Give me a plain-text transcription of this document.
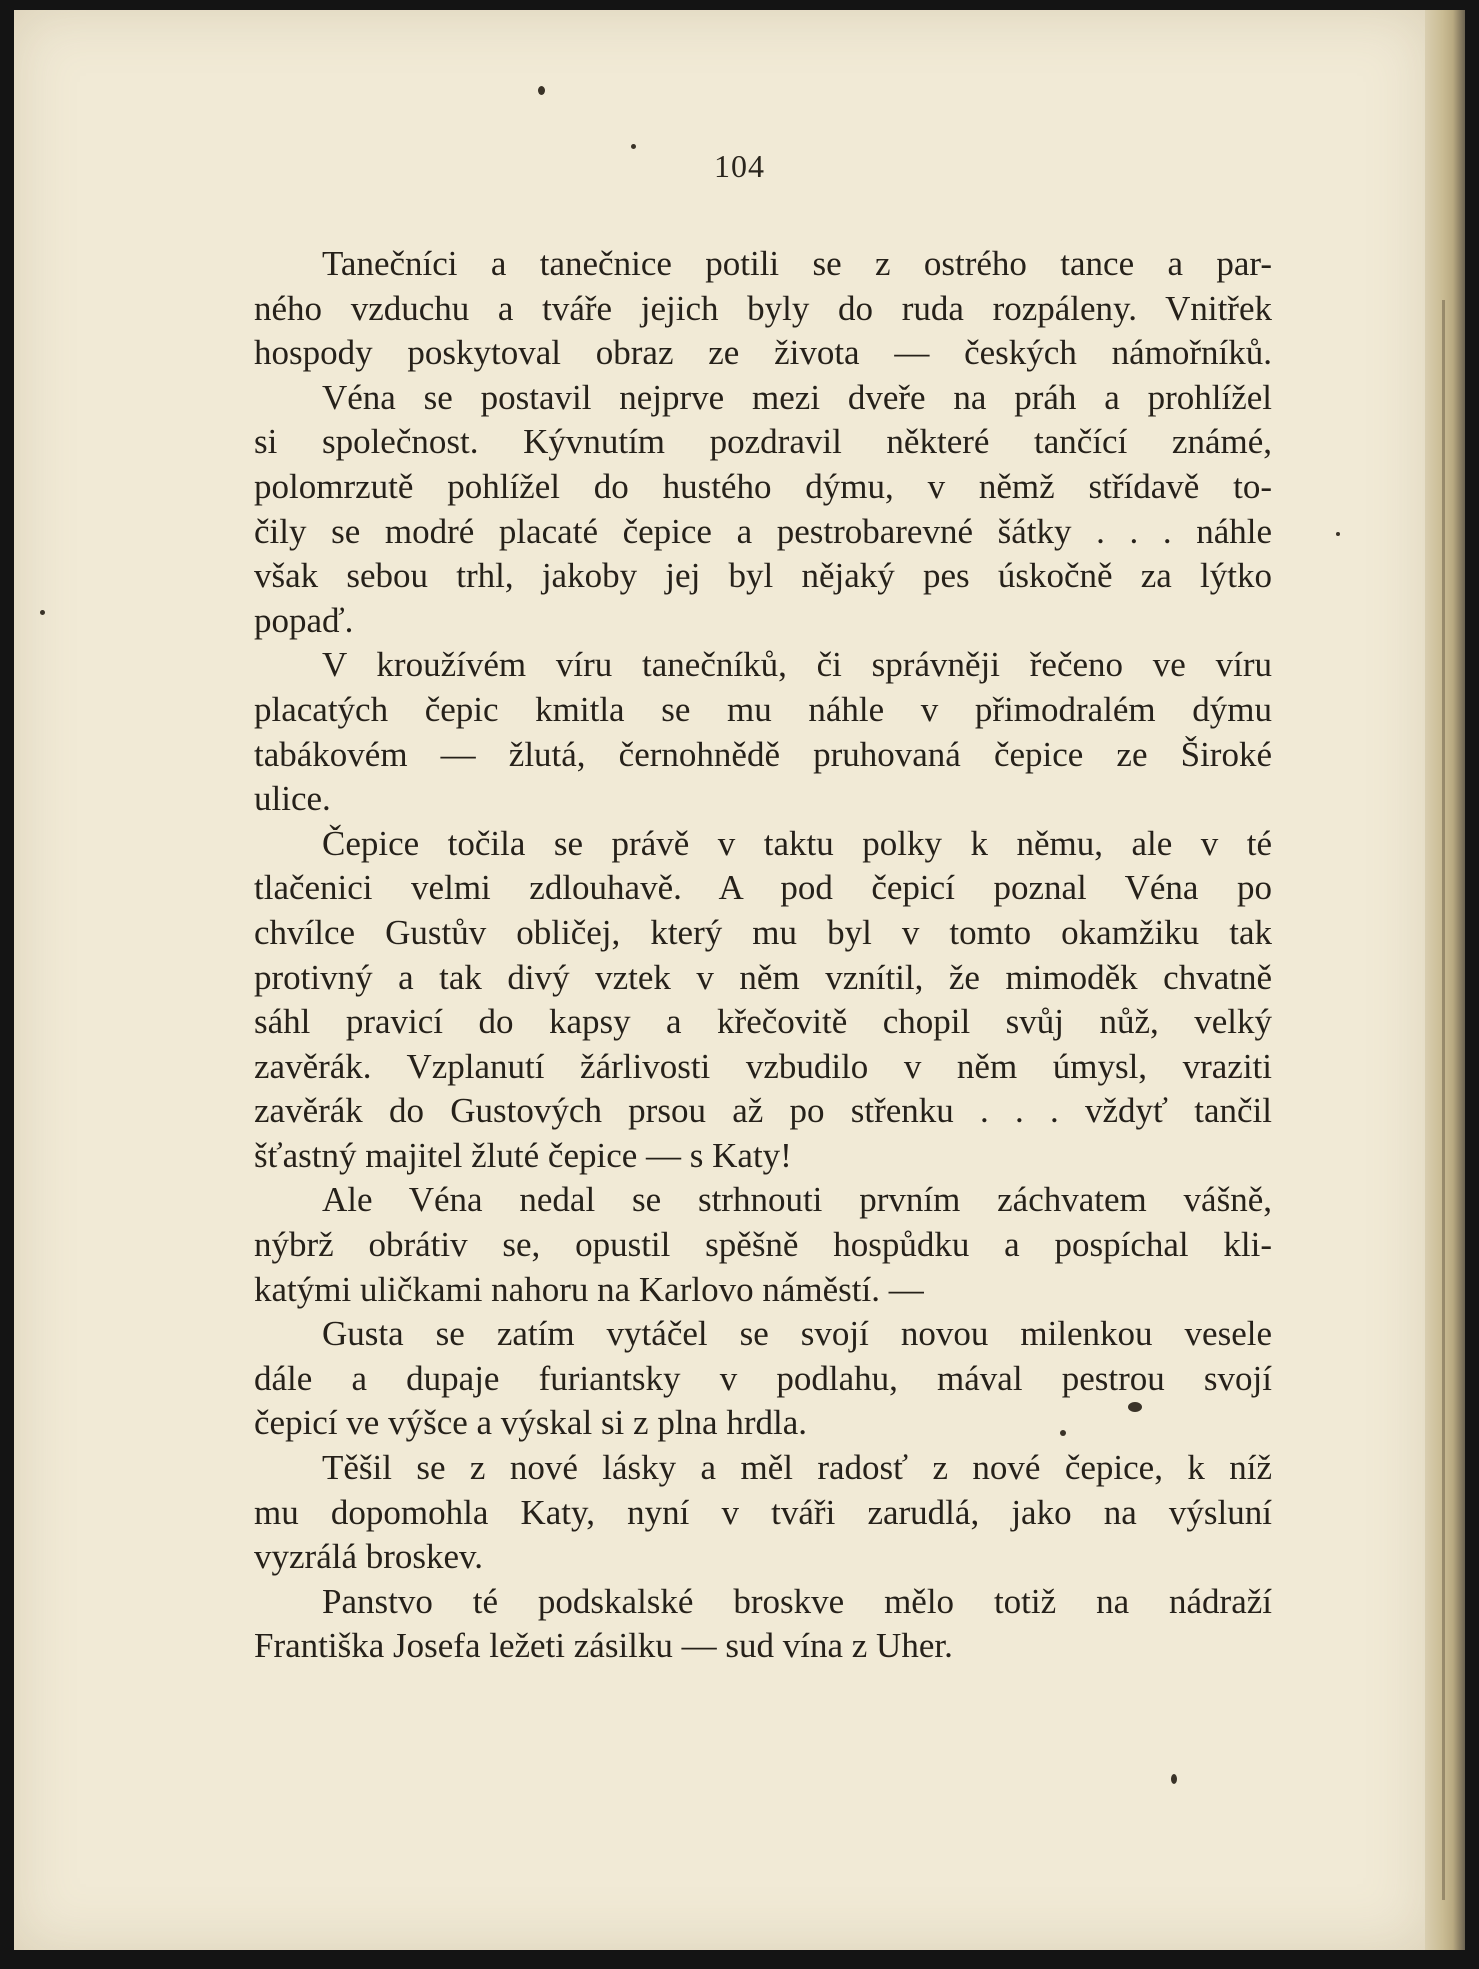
104
Tanečníci a tanečnice potili se z ostrého tance a par-
ného vzduchu a tváře jejich byly do ruda rozpáleny. Vnitřek
hospody poskytoval obraz ze života — českých námořníků.
Véna se postavil nejprve mezi dveře na práh a prohlížel
si společnost. Kývnutím pozdravil některé tančící známé,
polomrzutě pohlížel do hustého dýmu, v němž střídavě to-
čily se modré placaté čepice a pestrobarevné šátky . . . náhle
však sebou trhl, jakoby jej byl nějaký pes úskočně za lýtko
popaď.
V kroužívém víru tanečníků, či správněji řečeno ve víru
placatých čepic kmitla se mu náhle v přimodralém dýmu
tabákovém — žlutá, černohnědě pruhovaná čepice ze Široké
ulice.
Čepice točila se právě v taktu polky k němu, ale v té
tlačenici velmi zdlouhavě. A pod čepicí poznal Véna po
chvílce Gustův obličej, který mu byl v tomto okamžiku tak
protivný a tak divý vztek v něm vznítil, že mimoděk chvatně
sáhl pravicí do kapsy a křečovitě chopil svůj nůž, velký
zavěrák. Vzplanutí žárlivosti vzbudilo v něm úmysl, vraziti
zavěrák do Gustových prsou až po střenku . . . vždyť tančil
šťastný majitel žluté čepice — s Katy!
Ale Véna nedal se strhnouti prvním záchvatem vášně,
nýbrž obrátiv se, opustil spěšně hospůdku a pospíchal kli-
katými uličkami nahoru na Karlovo náměstí. —
Gusta se zatím vytáčel se svojí novou milenkou vesele
dále a dupaje furiantsky v podlahu, mával pestrou svojí
čepicí ve výšce a výskal si z plna hrdla.
Těšil se z nové lásky a měl radosť z nové čepice, k níž
mu dopomohla Katy, nyní v tváři zarudlá, jako na výsluní
vyzrálá broskev.
Panstvo té podskalské broskve mělo totiž na nádraží
Františka Josefa ležeti zásilku — sud vína z Uher.
